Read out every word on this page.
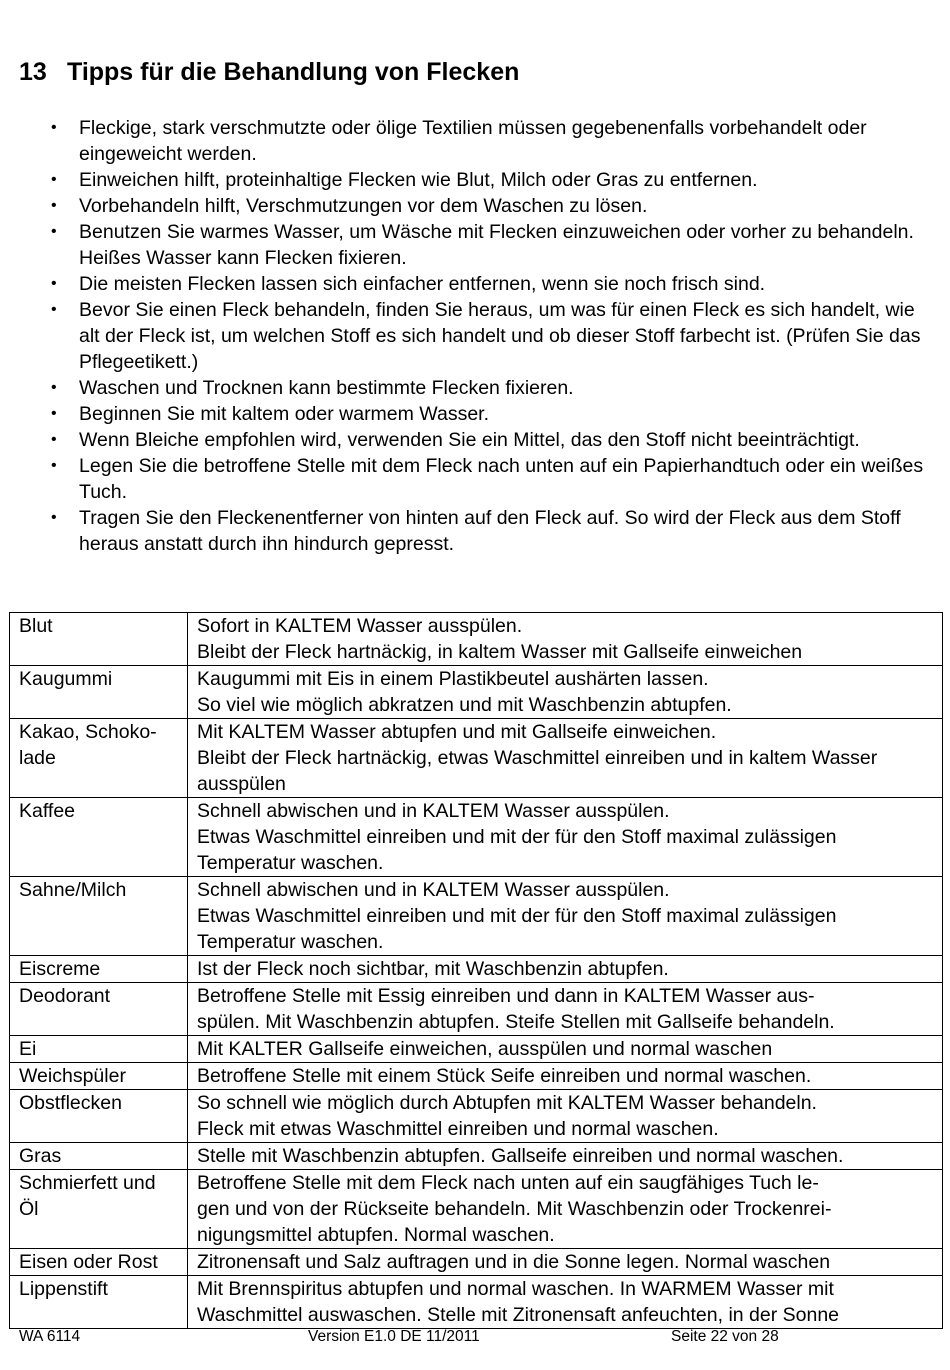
13 Tipps für die Behandlung von Flecken
• Fleckige, stark verschmutzte oder ölige Textilien müssen gegebenenfalls vorbehandelt oder eingeweicht werden.
• Einweichen hilft, proteinhaltige Flecken wie Blut, Milch oder Gras zu entfernen.
• Vorbehandeln hilft, Verschmutzungen vor dem Waschen zu lösen.
• Benutzen Sie warmes Wasser, um Wäsche mit Flecken einzuweichen oder vorher zu behandeln. Heißes Wasser kann Flecken fixieren.
• Die meisten Flecken lassen sich einfacher entfernen, wenn sie noch frisch sind.
• Bevor Sie einen Fleck behandeln, finden Sie heraus, um was für einen Fleck es sich handelt, wie alt der Fleck ist, um welchen Stoff es sich handelt und ob dieser Stoff farbecht ist. (Prüfen Sie das Pflegeetikett.)
• Waschen und Trocknen kann bestimmte Flecken fixieren.
• Beginnen Sie mit kaltem oder warmem Wasser.
• Wenn Bleiche empfohlen wird, verwenden Sie ein Mittel, das den Stoff nicht beeinträchtigt.
• Legen Sie die betroffene Stelle mit dem Fleck nach unten auf ein Papierhandtuch oder ein weißes Tuch.
• Tragen Sie den Fleckenentferner von hinten auf den Fleck auf. So wird der Fleck aus dem Stoff heraus anstatt durch ihn hindurch gepresst.
Blut	Sofort in KALTEM Wasser ausspülen.
Bleibt der Fleck hartnäckig, in kaltem Wasser mit Gallseife einweichen
Kaugummi	Kaugummi mit Eis in einem Plastikbeutel aushärten lassen.
So viel wie möglich abkratzen und mit Waschbenzin abtupfen.
Kakao, Schoko-
lade	Mit KALTEM Wasser abtupfen und mit Gallseife einweichen.
Bleibt der Fleck hartnäckig, etwas Waschmittel einreiben und in kaltem Wasser ausspülen
Kaffee	Schnell abwischen und in KALTEM Wasser ausspülen.
Etwas Waschmittel einreiben und mit der für den Stoff maximal zulässigen Temperatur waschen.
Sahne/Milch	Schnell abwischen und in KALTEM Wasser ausspülen.
Etwas Waschmittel einreiben und mit der für den Stoff maximal zulässigen Temperatur waschen.
Eiscreme	Ist der Fleck noch sichtbar, mit Waschbenzin abtupfen.
Deodorant	Betroffene Stelle mit Essig einreiben und dann in KALTEM Wasser aus-
spülen. Mit Waschbenzin abtupfen. Steife Stellen mit Gallseife behandeln.
Ei	Mit KALTER Gallseife einweichen, ausspülen und normal waschen
Weichspüler	Betroffene Stelle mit einem Stück Seife einreiben und normal waschen.
Obstflecken	So schnell wie möglich durch Abtupfen mit KALTEM Wasser behandeln.
Fleck mit etwas Waschmittel einreiben und normal waschen.
Gras	Stelle mit Waschbenzin abtupfen. Gallseife einreiben und normal waschen.
Schmierfett und
Öl	Betroffene Stelle mit dem Fleck nach unten auf ein saugfähiges Tuch le-
gen und von der Rückseite behandeln. Mit Waschbenzin oder Trockenrei-
nigungsmittel abtupfen. Normal waschen.
Eisen oder Rost	Zitronensaft und Salz auftragen und in die Sonne legen. Normal waschen
Lippenstift	Mit Brennspiritus abtupfen und normal waschen. In WARMEM Wasser mit
Waschmittel auswaschen. Stelle mit Zitronensaft anfeuchten, in der Sonne
WA 6114	Version E1.0 DE 11/2011	Seite 22 von 28
